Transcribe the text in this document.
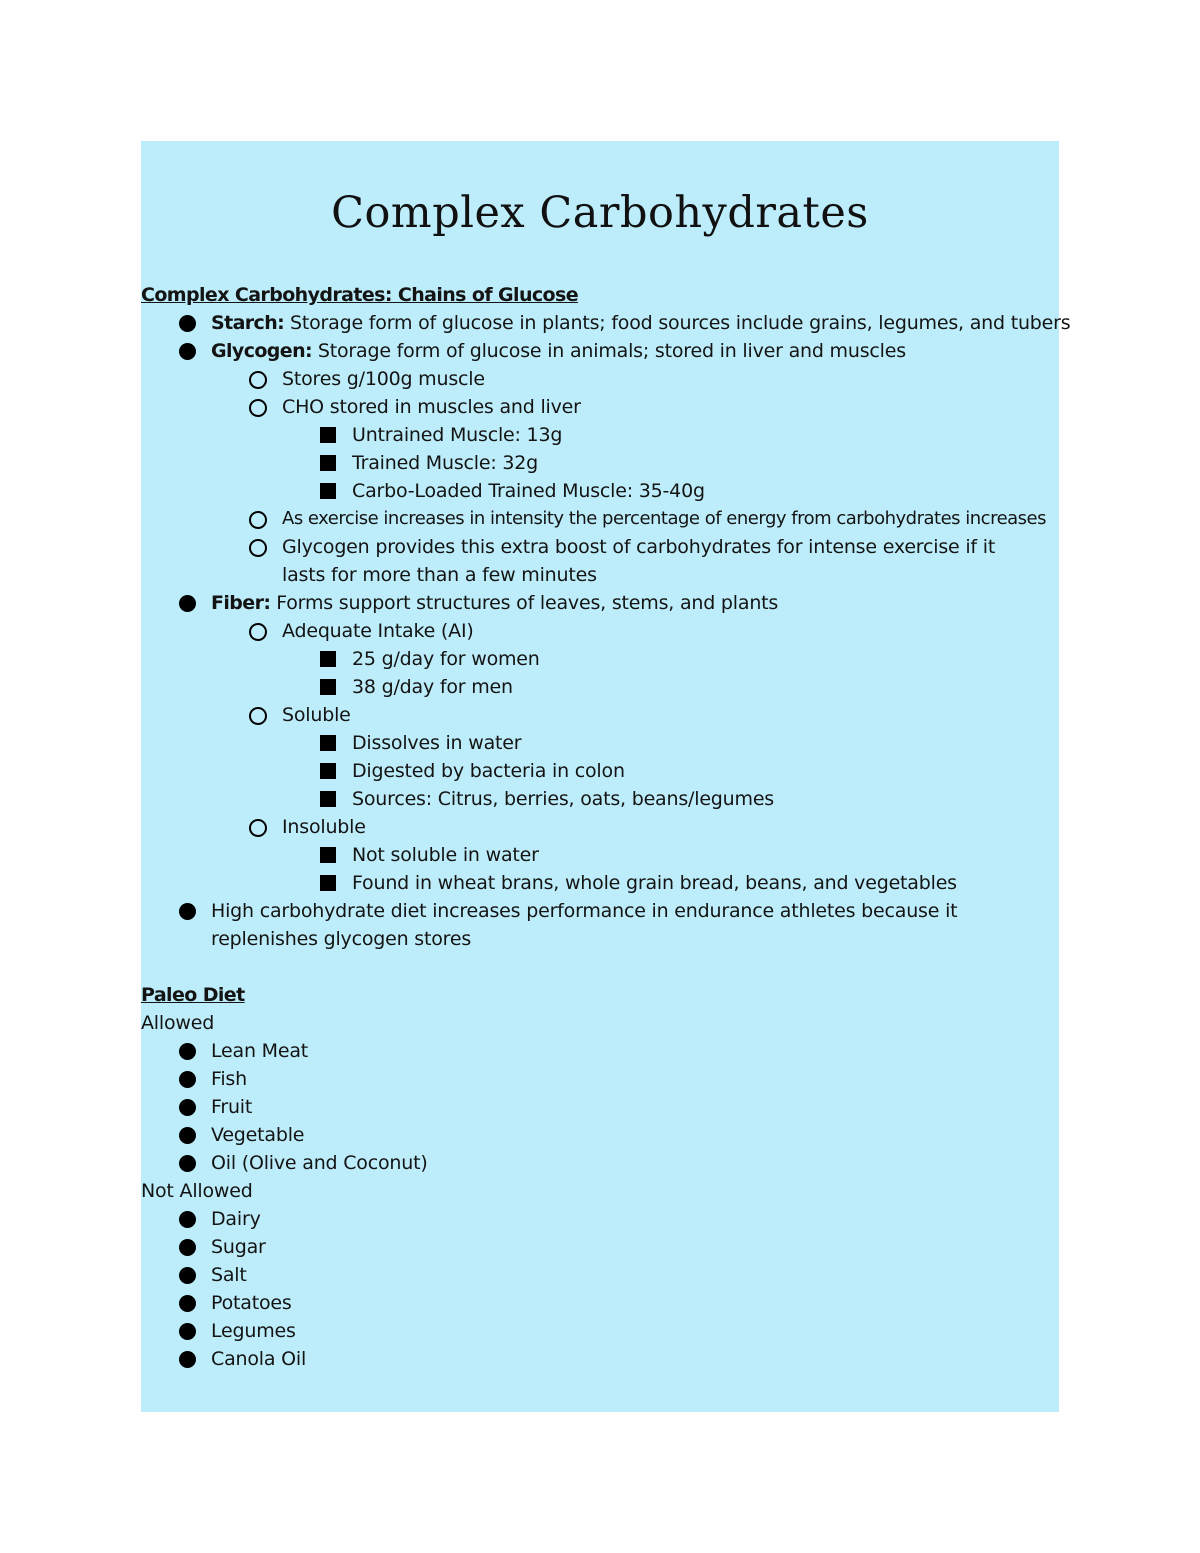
Complex Carbohydrates
Complex Carbohydrates: Chains of Glucose
Starch: Storage form of glucose in plants; food sources include grains, legumes, and tubers
Glycogen: Storage form of glucose in animals; stored in liver and muscles
Stores g/100g muscle
CHO stored in muscles and liver
Untrained Muscle: 13g
Trained Muscle: 32g
Carbo-Loaded Trained Muscle: 35-40g
As exercise increases in intensity the percentage of energy from carbohydrates increases
Glycogen provides this extra boost of carbohydrates for intense exercise if it lasts for more than a few minutes
Fiber: Forms support structures of leaves, stems, and plants
Adequate Intake (AI)
25 g/day for women
38 g/day for men
Soluble
Dissolves in water
Digested by bacteria in colon
Sources: Citrus, berries, oats, beans/legumes
Insoluble
Not soluble in water
Found in wheat brans, whole grain bread, beans, and vegetables
High carbohydrate diet increases performance in endurance athletes because it replenishes glycogen stores
Paleo Diet
Allowed
Lean Meat
Fish
Fruit
Vegetable
Oil (Olive and Coconut)
Not Allowed
Dairy
Sugar
Salt
Potatoes
Legumes
Canola Oil
